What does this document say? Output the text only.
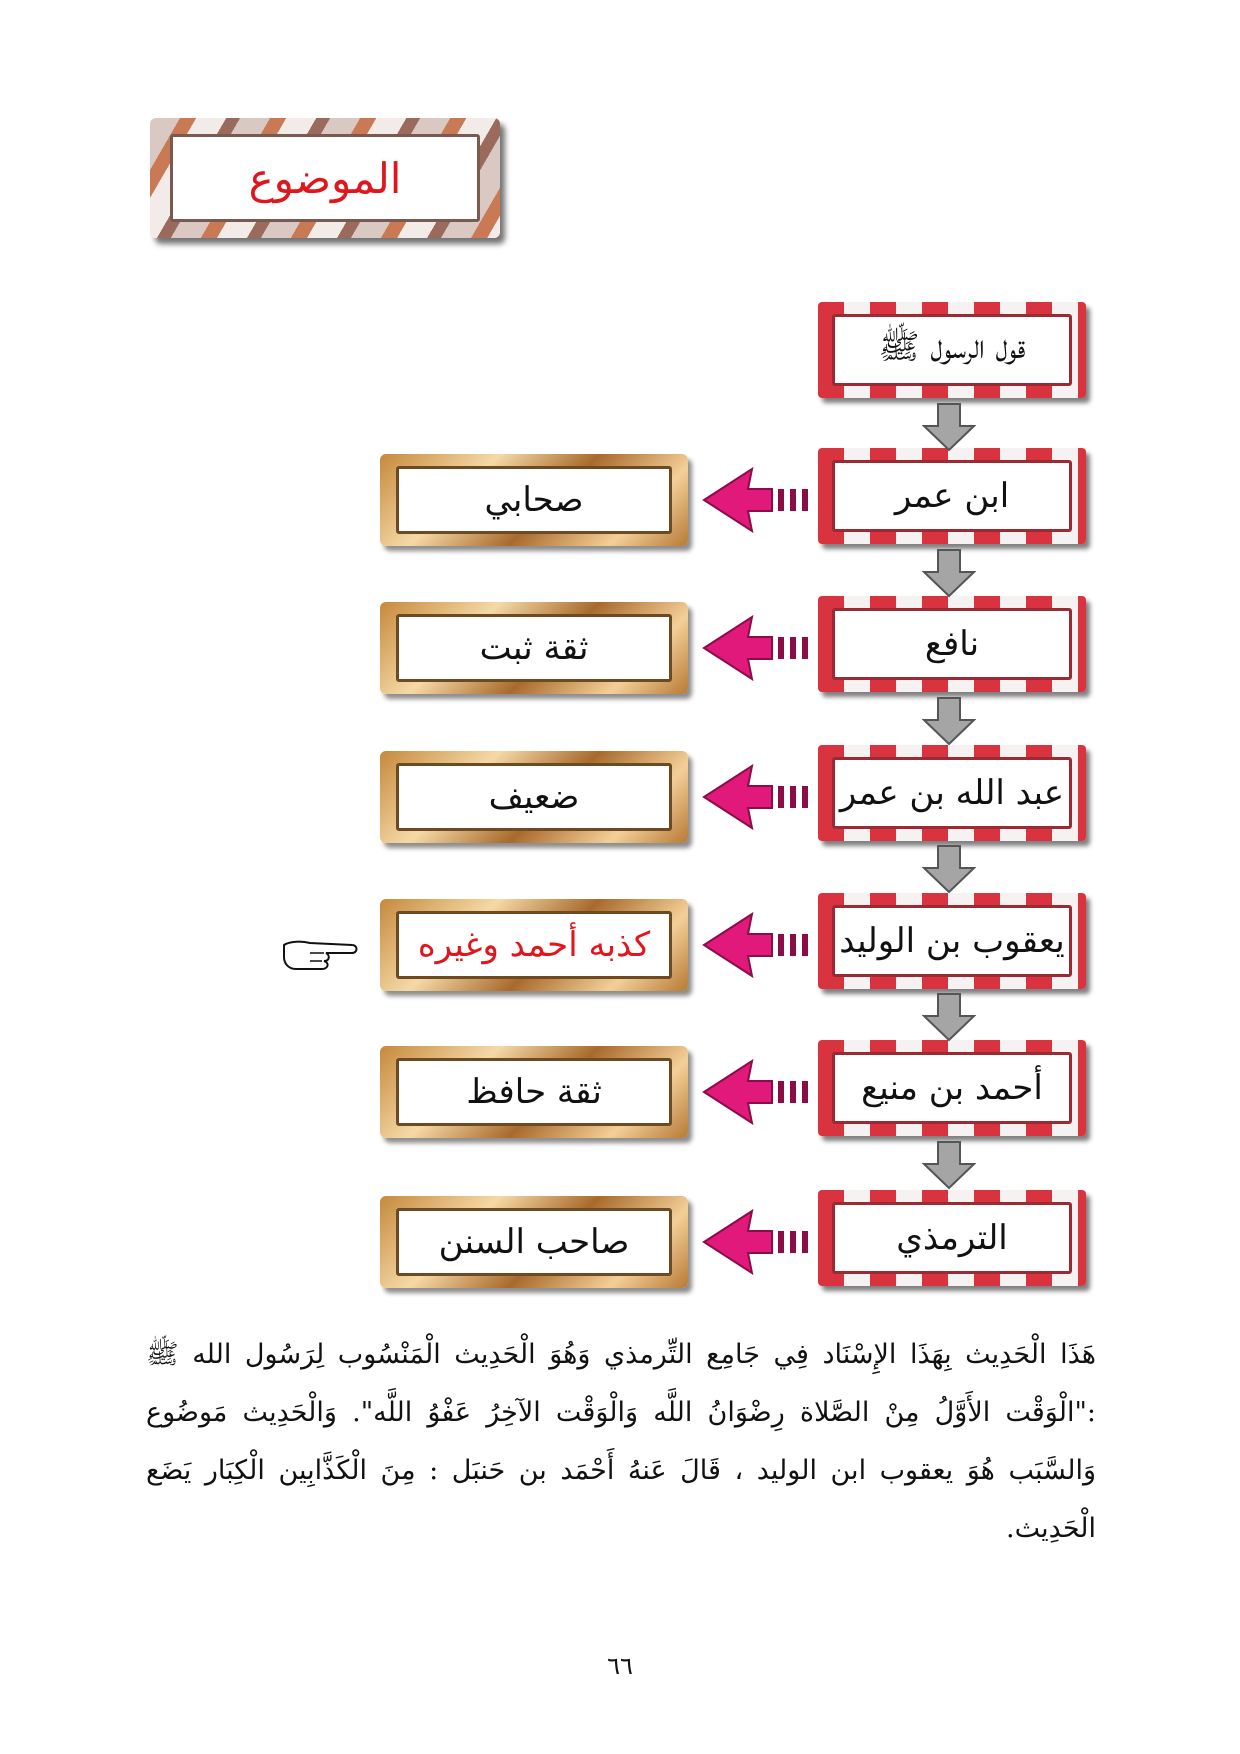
الموضوع
قول الرسول ﷺ
ابن عمر
نافع
عبد الله بن عمر
يعقوب بن الوليد
أحمد بن منيع
الترمذي
صحابي
ثقة ثبت
ضعيف
كذبه أحمد وغيره
ثقة حافظ
صاحب السنن
هَذَا الْحَدِيث بِهَذَا الإِسْنَاد فِي جَامِع التِّرمذي وَهُوَ الْحَدِيث الْمَنْسُوب لِرَسُول الله ﷺ :"الْوَقْت الأَوَّلُ مِنْ الصَّلاة رِضْوَانُ اللَّه وَالْوَقْت الآخِرُ عَفْوُ اللَّه". وَالْحَدِيث مَوضُوع وَالسَّبَب هُوَ يعقوب ابن الوليد ، قَالَ عَنهُ أَحْمَد بن حَنبَل : مِنَ الْكَذَّابِين الْكِبَار يَضَع الْحَدِيث.
٦٦
